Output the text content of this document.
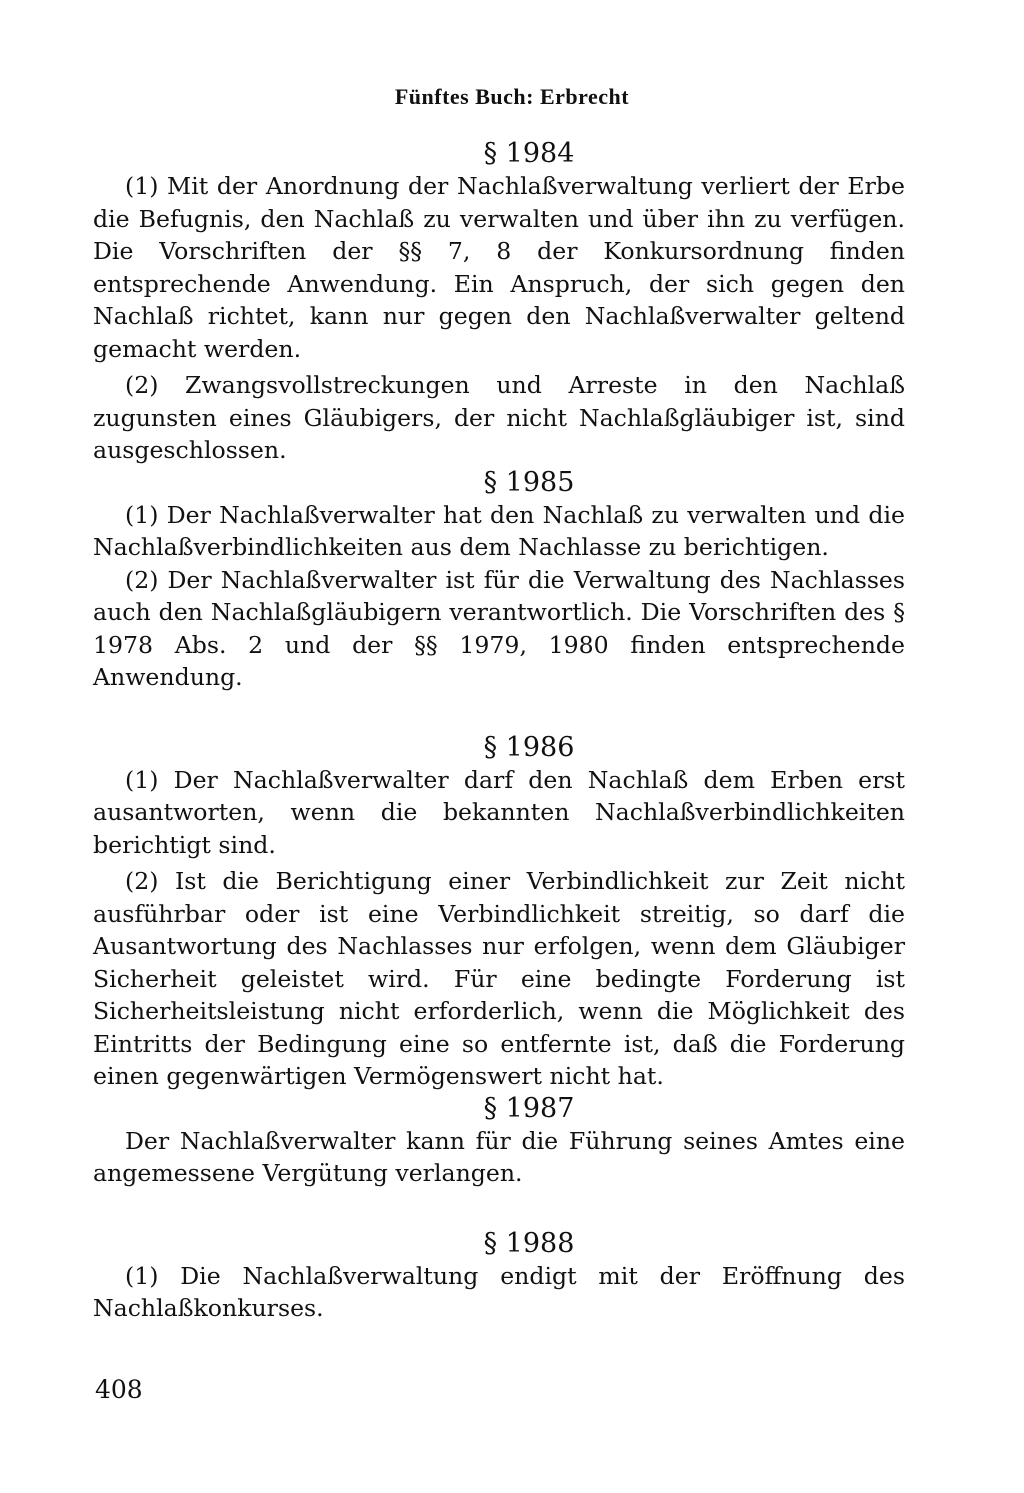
Fünftes Buch: Erbrecht
§ 1984

(1) Mit der Anordnung der Nachlaßverwaltung verliert der Erbe die Befugnis, den Nachlaß zu verwalten und über ihn zu verfügen. Die Vorschriften der §§ 7, 8 der Konkursordnung finden entsprechende Anwendung. Ein Anspruch, der sich gegen den Nachlaß richtet, kann nur gegen den Nachlaßverwalter geltend gemacht werden.

(2) Zwangsvollstreckungen und Arreste in den Nachlaß zugunsten eines Gläubigers, der nicht Nachlaßgläubiger ist, sind ausgeschlossen.

§ 1985

(1) Der Nachlaßverwalter hat den Nachlaß zu verwalten und die Nachlaßverbindlichkeiten aus dem Nachlasse zu berichtigen.

(2) Der Nachlaßverwalter ist für die Verwaltung des Nachlasses auch den Nachlaßgläubigern verantwortlich. Die Vorschriften des § 1978 Abs. 2 und der §§ 1979, 1980 finden entsprechende Anwendung.

§ 1986

(1) Der Nachlaßverwalter darf den Nachlaß dem Erben erst ausantworten, wenn die bekannten Nachlaßverbindlichkeiten berichtigt sind.

(2) Ist die Berichtigung einer Verbindlichkeit zur Zeit nicht ausführbar oder ist eine Verbindlichkeit streitig, so darf die Ausantwortung des Nachlasses nur erfolgen, wenn dem Gläubiger Sicherheit geleistet wird. Für eine bedingte Forderung ist Sicherheitsleistung nicht erforderlich, wenn die Möglichkeit des Eintritts der Bedingung eine so entfernte ist, daß die Forderung einen gegenwärtigen Vermögenswert nicht hat.

§ 1987

Der Nachlaßverwalter kann für die Führung seines Amtes eine angemessene Vergütung verlangen.

§ 1988

(1) Die Nachlaßverwaltung endigt mit der Eröffnung des Nachlaßkonkurses.

408
